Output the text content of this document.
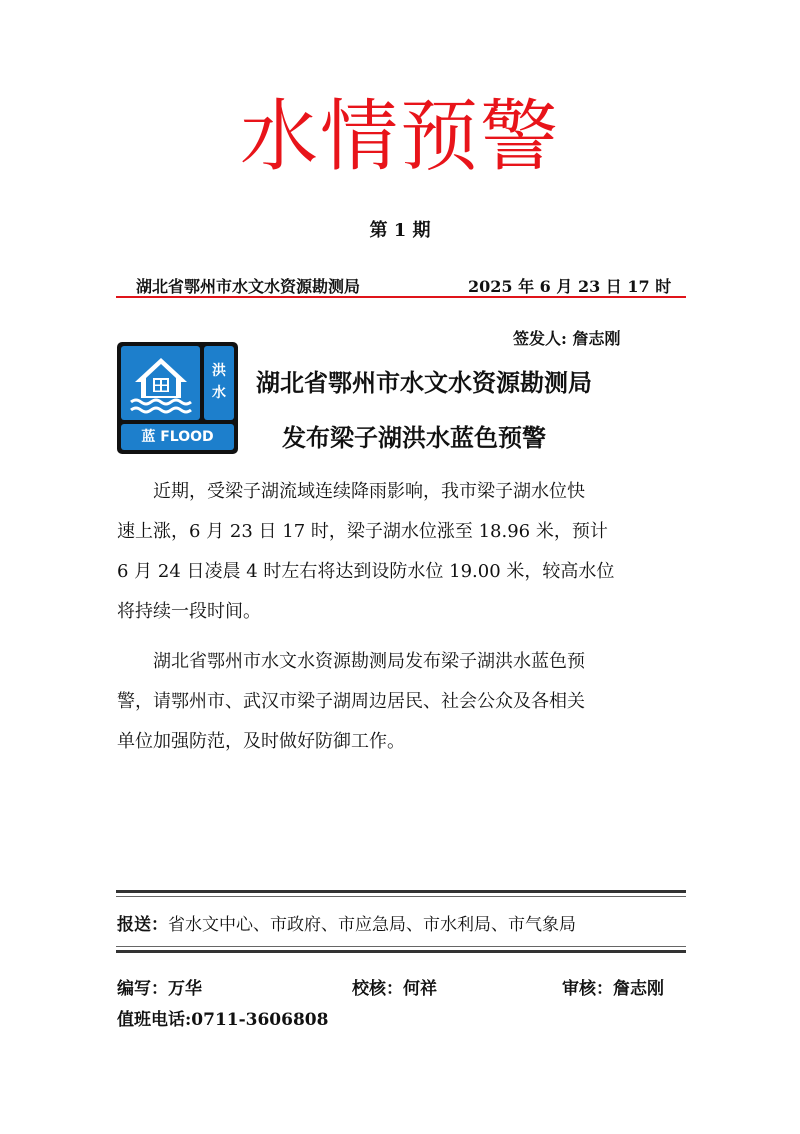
水情预警
第 1 期
湖北省鄂州市水文水资源勘测局	2025 年 6 月 23 日 17 时
签发人: 詹志刚
洪
水
蓝 FLOOD
湖北省鄂州市水文水资源勘测局
发布梁子湖洪水蓝色预警
近期，受梁子湖流域连续降雨影响，我市梁子湖水位快
速上涨，6 月 23 日 17 时，梁子湖水位涨至 18.96 米，预计
6 月 24 日凌晨 4 时左右将达到设防水位 19.00 米，较高水位
将持续一段时间。
湖北省鄂州市水文水资源勘测局发布梁子湖洪水蓝色预
警，请鄂州市、武汉市梁子湖周边居民、社会公众及各相关
单位加强防范，及时做好防御工作。
报送：省水文中心、市政府、市应急局、市水利局、市气象局
编写：万华	校核：何祥	审核：詹志刚
值班电话:0711-3606808
